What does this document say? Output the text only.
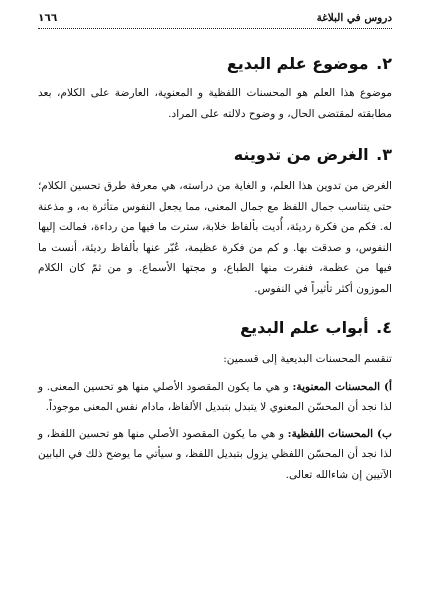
دروس في البلاغة
١٦٦
٢. موضوع علم البديع

موضوع هذا العلم هو المحسنات اللفظية و المعنوية، العارضة على الكلام، بعد مطابقته لمقتضى الحال، و وضوح دلالته على المراد.

٣. الغرض من تدوينه

الغرض من تدوين هذا العلم، و الغاية من دراسته، هي معرفة طرق تحسين الكلام؛ حتى يتناسب جمال اللفظ مع جمال المعنى، مما يجعل النفوس متأثرة به، و مذعنة له. فكم من فكرة رديئة، أُديت بألفاظ خلابة، سترت ما فيها من رداءة، فمالت إليها النفوس، و صدقت بها. و كم من فكرة عظيمة، عُبّر عنها بألفاظ رديئة، أنست ما فيها من عظمة، فنفرت منها الطباع، و مجتها الأسماع. و من ثمّ كان الكلام الموزون أكثر تأثيراً في النفوس.

٤. أبواب علم البديع

تنقسم المحسنات البديعية إلى قسمين:

أ) المحسنات المعنوية: و هي ما يكون المقصود الأصلي منها هو تحسين المعنى. و لذا نجد أن المحسّن المعنوي لا يتبدل بتبديل الألفاظ، مادام نفس المعنى موجوداً.

ب) المحسنات اللفظية: و هي ما يكون المقصود الأصلي منها هو تحسين اللفظ، و لذا نجد أن المحسّن اللفظي يزول بتبديل اللفظ، و سيأتي ما يوضح ذلك في البابين الآتيين إن شاءالله تعالى.
